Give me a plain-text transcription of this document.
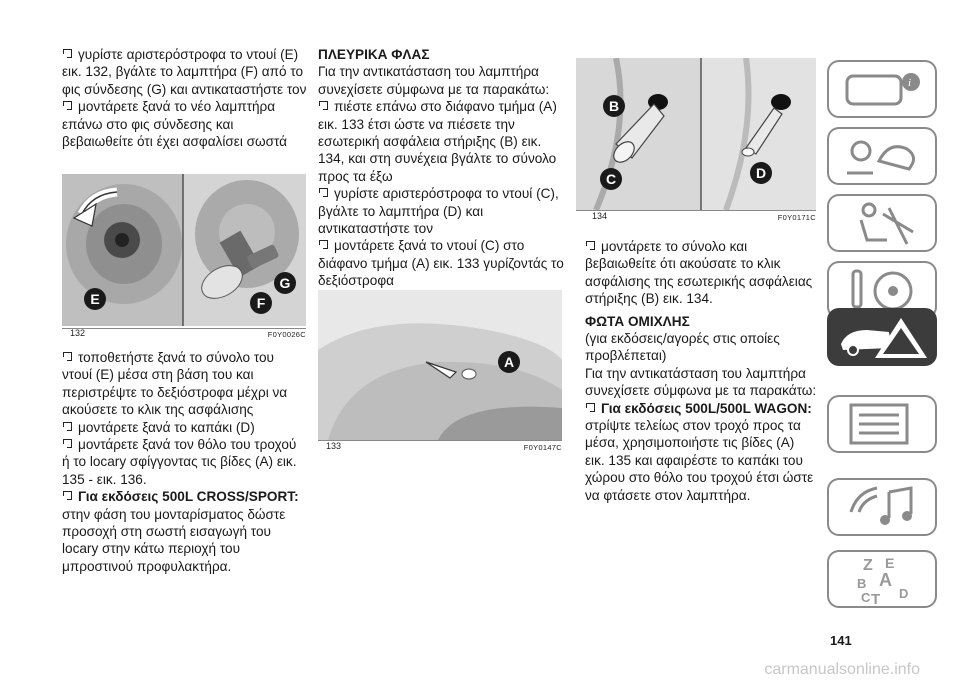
γυρίστε αριστερόστροφα το ντουί (Ε) εικ. 132, βγάλτε το λαμπτήρα (F) από το φις σύνδεσης (G) και αντικαταστήστε τον

μοντάρετε ξανά το νέο λαμπτήρα επάνω στο φις σύνδεσης και βεβαιωθείτε ότι έχει ασφαλίσει σωστά

E	F
G
132	F0Y0026C

τοποθετήστε ξανά το σύνολο του ντουί (Ε) μέσα στη βάση του και περιστρέψτε το δεξιόστροφα μέχρι να ακούσετε το κλικ της ασφάλισης

μοντάρετε ξανά το καπάκι (D)

μοντάρετε ξανά τον θόλο του τροχού ή το locary σφίγγοντας τις βίδες (Α) εικ. 135 - εικ. 136.

Για εκδόσεις 500L CROSS/SPORT: στην φάση του μονταρίσματος δώστε προσοχή στη σωστή εισαγωγή του locary στην κάτω περιοχή του μπροστινού προφυλακτήρα.

ΠΛΕΥΡΙΚΑ ΦΛΑΣ

Για την αντικατάσταση του λαμπτήρα συνεχίσετε σύμφωνα με τα παρακάτω:

πιέστε επάνω στο διάφανο τμήμα (Α) εικ. 133 έτσι ώστε να πιέσετε την εσωτερική ασφάλεια στήριξης (Β) εικ. 134, και στη συνέχεια βγάλτε το σύνολο προς τα έξω

γυρίστε αριστερόστροφα το ντουί (C), βγάλτε το λαμπτήρα (D) και αντικαταστήστε τον

μοντάρετε ξανά το ντουί (C) στο διάφανο τμήμα (Α) εικ. 133 γυρίζοντάς το δεξιόστροφα

A
133	F0Y0147C
B
C	D
134	F0Y0171C

μοντάρετε το σύνολο και βεβαιωθείτε ότι ακούσατε το κλικ ασφάλισης της εσωτερικής ασφάλειας στήριξης (Β) εικ. 134.

ΦΩΤΑ ΟΜΙΧΛΗΣ

(για εκδόσεις/αγορές στις οποίες προβλέπεται)

Για την αντικατάσταση του λαμπτήρα συνεχίσετε σύμφωνα με τα παρακάτω:

Για εκδόσεις 500L/500L WAGON: στρίψτε τελείως στον τροχό προς τα μέσα, χρησιμοποιήστε τις βίδες (Α) εικ. 135 και αφαιρέστε το καπάκι του χώρου στο θόλο του τροχού έτσι ώστε να φτάσετε στον λαμπτήρα.

i
Z E
A
B
C T D
141
carmanualsonline.info
